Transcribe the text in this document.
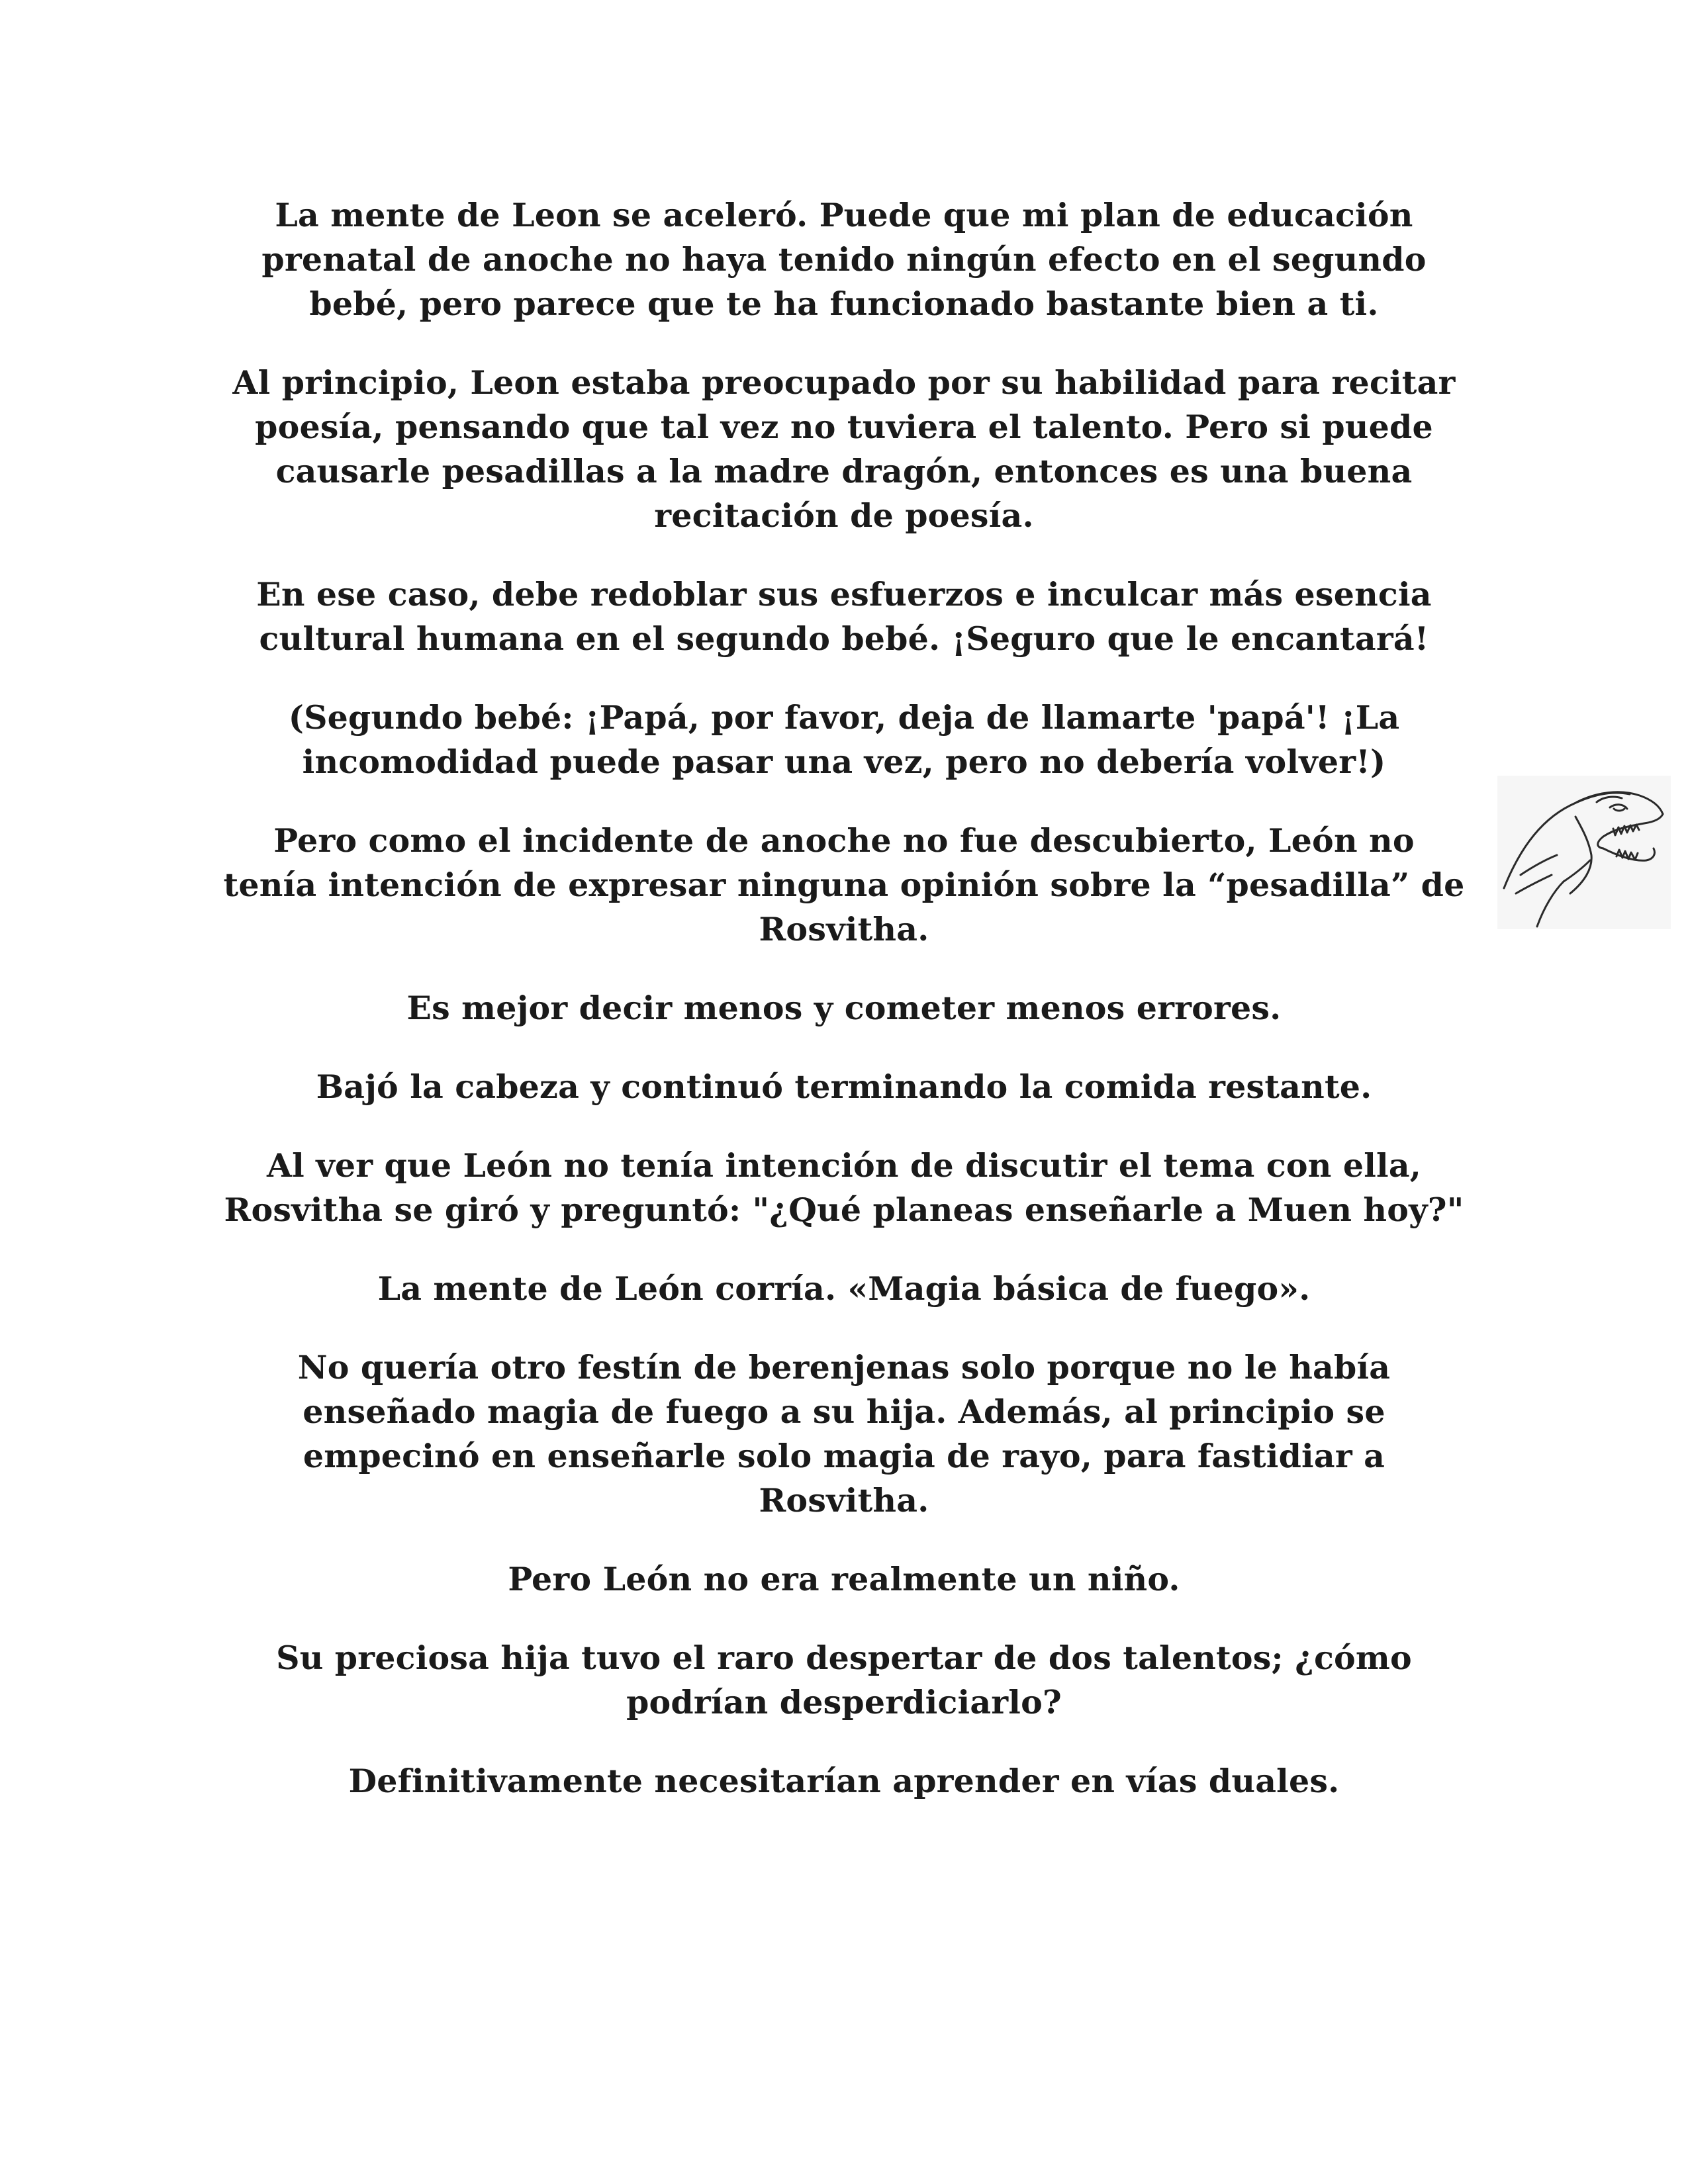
La mente de Leon se aceleró. Puede que mi plan de educación prenatal de anoche no haya tenido ningún efecto en el segundo bebé, pero parece que te ha funcionado bastante bien a ti.

Al principio, Leon estaba preocupado por su habilidad para recitar poesía, pensando que tal vez no tuviera el talento. Pero si puede causarle pesadillas a la madre dragón, entonces es una buena recitación de poesía.

En ese caso, debe redoblar sus esfuerzos e inculcar más esencia cultural humana en el segundo bebé. ¡Seguro que le encantará!

(Segundo bebé: ¡Papá, por favor, deja de llamarte 'papá'! ¡La incomodidad puede pasar una vez, pero no debería volver!)

Pero como el incidente de anoche no fue descubierto, León no tenía intención de expresar ninguna opinión sobre la “pesadilla” de Rosvitha.

Es mejor decir menos y cometer menos errores.

Bajó la cabeza y continuó terminando la comida restante.

Al ver que León no tenía intención de discutir el tema con ella, Rosvitha se giró y preguntó: "¿Qué planeas enseñarle a Muen hoy?"

La mente de León corría. «Magia básica de fuego».

No quería otro festín de berenjenas solo porque no le había enseñado magia de fuego a su hija. Además, al principio se empecinó en enseñarle solo magia de rayo, para fastidiar a Rosvitha.

Pero León no era realmente un niño.

Su preciosa hija tuvo el raro despertar de dos talentos; ¿cómo podrían desperdiciarlo?

Definitivamente necesitarían aprender en vías duales.
